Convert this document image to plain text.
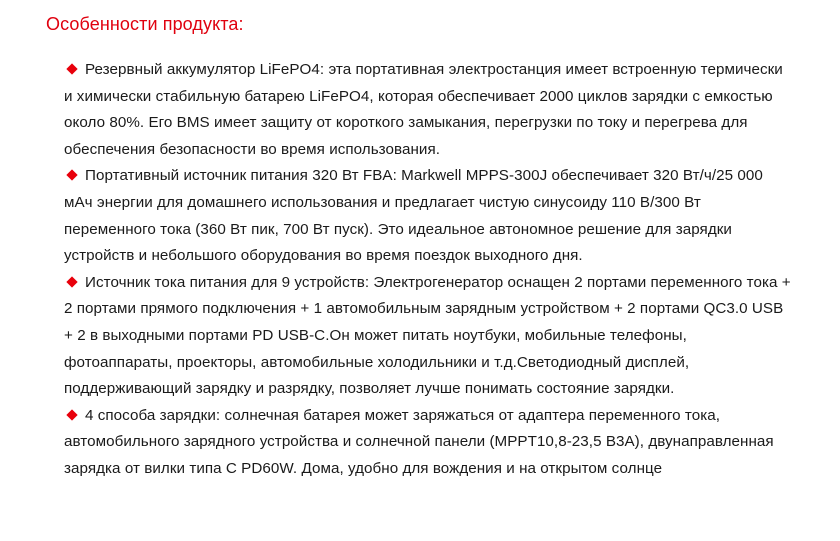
Особенности продукта:
Резервный аккумулятор LiFePO4: эта портативная электростанция имеет встроенную термически и химически стабильную батарею LiFePO4, которая обеспечивает 2000 циклов зарядки с емкостью около 80%. Его BMS имеет защиту от короткого замыкания, перегрузки по току и перегрева для обеспечения безопасности во время использования.
Портативный источник питания 320 Вт FBA: Markwell MPPS-300J обеспечивает 320 Вт/ч/25 000 мАч энергии для домашнего использования и предлагает чистую синусоиду 110 В/300 Вт переменного тока (360 Вт пик, 700 Вт пуск). Это идеальное автономное решение для зарядки устройств и небольшого оборудования во время поездок выходного дня.
Источник тока питания для 9 устройств: Электрогенератор оснащен 2 портами переменного тока + 2 портами прямого подключения + 1 автомобильным зарядным устройством + 2 портами QC3.0 USB + 2 в выходными портами PD USB-C.Он может питать ноутбуки, мобильные телефоны, фотоаппараты, проекторы, автомобильные холодильники и т.д.Светодиодный дисплей, поддерживающий зарядку и разрядку, позволяет лучше понимать состояние зарядки.
4 способа зарядки: солнечная батарея может заряжаться от адаптера переменного тока, автомобильного зарядного устройства и солнечной панели (MPPT10,8-23,5 В3А), двунаправленная зарядка от вилки типа C PD60W. Дома, удобно для вождения и на открытом солнце
